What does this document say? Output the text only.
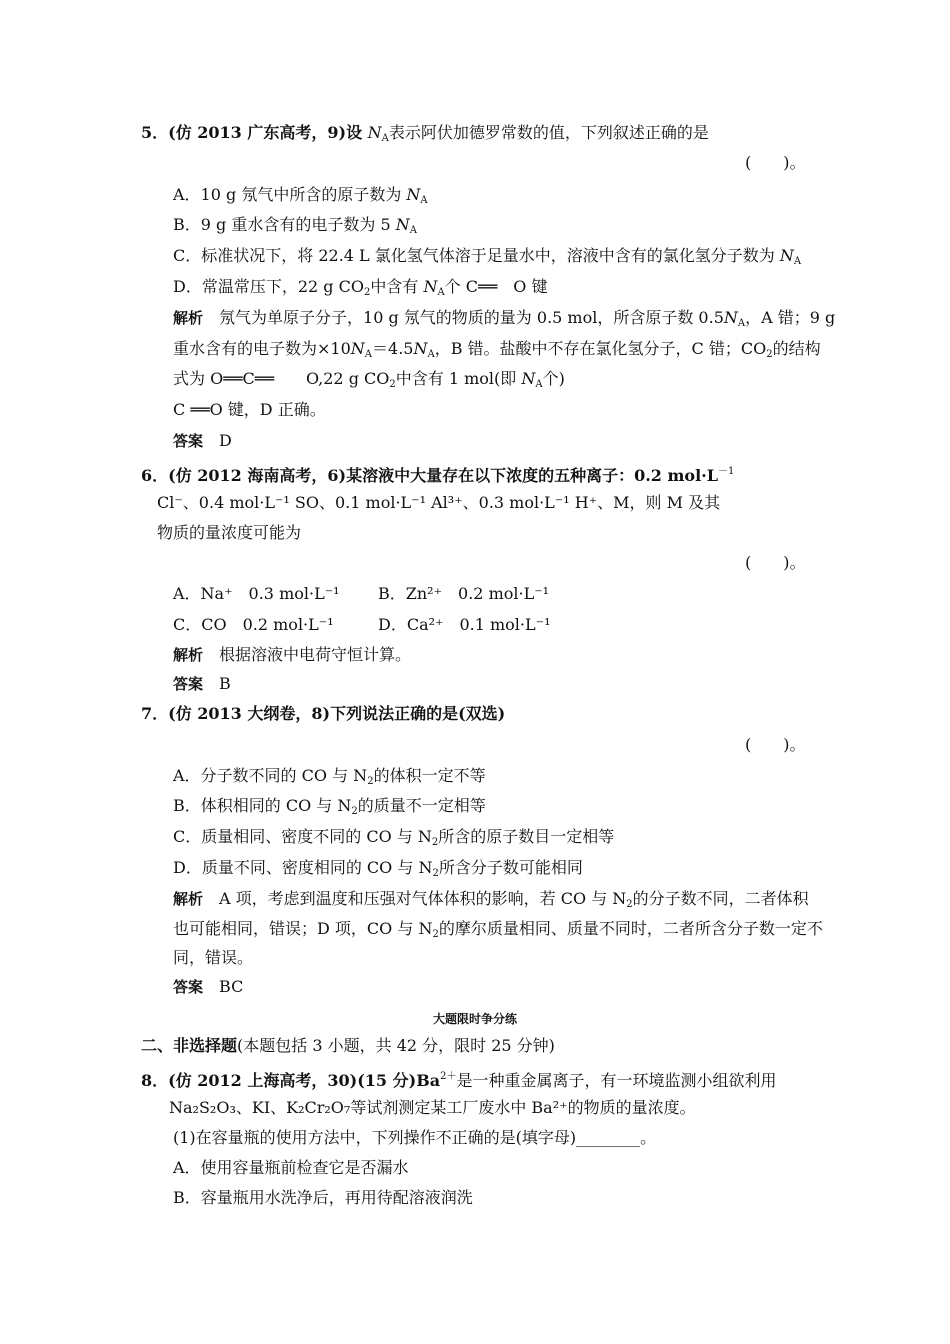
5．(仿 2013 广东高考，9)设 $N_A$表示阿伏加德罗常数的值，下列叙述正确的是
(　　)。
A．10 g 氖气中所含的原子数为 $N_A$
B．9 g 重水含有的电子数为 5 $N_A$
C．标准状况下，将 22.4 L 氯化氢气体溶于足量水中，溶液中含有的氯化氢分子数为 $N_A$
D．常温常压下，22 g $CO_2$中含有 $N_A$个 C══　O 键
解析　 氖气为单原子分子，10 g 氖气的物质的量为 0.5 mol，所含原子数 $0.5N_A$，A 错；9 g
重水含有的电子数为$\times 10N_A=4.5N_A$，B 错。盐酸中不存在氯化氢分子，C 错；$CO_2$的结构
式为 O══C══　　O,22 g $CO_2$中含有 1 mol(即 $N_A$个)
C ══O 键，D 正确。
答案　 D
6．(仿 2012 海南高考，6)某溶液中大量存在以下浓度的五种离子：0.2 $mol\cdot L^{-1}$
Cl⁻、0.4 mol·L⁻¹ SO、0.1 mol·L⁻¹ Al³⁺、0.3 mol·L⁻¹ H⁺、M，则 M 及其
物质的量浓度可能为
(　　)。
A．Na⁺　0.3 mol·L⁻¹ B．Zn²⁺　0.2 mol·L⁻¹
C．CO　0.2 mol·L⁻¹	D．Ca²⁺　0.1 mol·L⁻¹
解析　 根据溶液中电荷守恒计算。
答案　 B
7．(仿 2013 大纲卷，8)下列说法正确的是(双选)
(　　)。
A．分子数不同的 CO 与 $N_2$的体积一定不等
B．体积相同的 CO 与 $N_2$的质量不一定相等
C．质量相同、密度不同的 CO 与 $N_2$所含的原子数目一定相等
D．质量不同、密度相同的 CO 与 $N_2$所含分子数可能相同
解析　 A 项，考虑到温度和压强对气体体积的影响，若 CO 与 $N_2$的分子数不同，二者体积
也可能相同，错误；D 项，CO 与 $N_2$的摩尔质量相同、质量不同时，二者所含分子数一定不
同，错误。
答案　 BC
大题限时争分练
二、非选择题(本题包括 3 小题，共 42 分，限时 25 分钟)
8．(仿 2012 上海高考，30)(15 分)$Ba^{2+}$是一种重金属离子，有一环境监测小组欲利用
Na₂S₂O₃、KI、K₂Cr₂O₇等试剂测定某工厂废水中 Ba²⁺的物质的量浓度。
(1)在容量瓶的使用方法中，下列操作不正确的是(填字母)________。
A．使用容量瓶前检查它是否漏水
B．容量瓶用水洗净后，再用待配溶液润洗
